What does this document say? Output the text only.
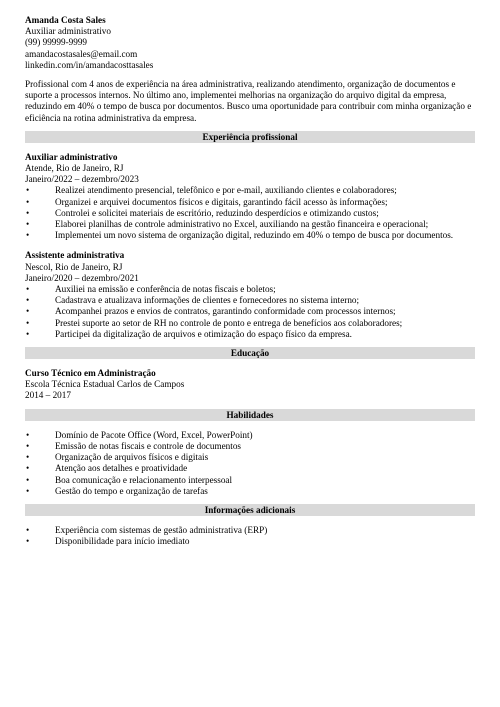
Amanda Costa Sales
Auxiliar administrativo
(99) 99999-9999
amandacostasales@email.com
linkedin.com/in/amandacosttasales
Profissional com 4 anos de experiência na área administrativa, realizando atendimento, organização de documentos e suporte a processos internos. No último ano, implementei melhorias na organização do arquivo digital da empresa, reduzindo em 40% o tempo de busca por documentos. Busco uma oportunidade para contribuir com minha organização e eficiência na rotina administrativa da empresa.
Experiência profissional
Auxiliar administrativo
Atende, Rio de Janeiro, RJ
Janeiro/2022 – dezembro/2023
•	Realizei atendimento presencial, telefônico e por e-mail, auxiliando clientes e colaboradores;
•	Organizei e arquivei documentos físicos e digitais, garantindo fácil acesso às informações;
•	Controlei e solicitei materiais de escritório, reduzindo desperdícios e otimizando custos;
•	Elaborei planilhas de controle administrativo no Excel, auxiliando na gestão financeira e operacional;
•	Implementei um novo sistema de organização digital, reduzindo em 40% o tempo de busca por documentos.
Assistente administrativa
Nescol, Rio de Janeiro, RJ
Janeiro/2020 – dezembro/2021
•	Auxiliei na emissão e conferência de notas fiscais e boletos;
•	Cadastrava e atualizava informações de clientes e fornecedores no sistema interno;
•	Acompanhei prazos e envios de contratos, garantindo conformidade com processos internos;
•	Prestei suporte ao setor de RH no controle de ponto e entrega de benefícios aos colaboradores;
•	Participei da digitalização de arquivos e otimização do espaço físico da empresa.
Educação
Curso Técnico em Administração
Escola Técnica Estadual Carlos de Campos
2014 – 2017
Habilidades
•	Domínio de Pacote Office (Word, Excel, PowerPoint)
•	Emissão de notas fiscais e controle de documentos
•	Organização de arquivos físicos e digitais
•	Atenção aos detalhes e proatividade
•	Boa comunicação e relacionamento interpessoal
•	Gestão do tempo e organização de tarefas
Informações adicionais
•	Experiência com sistemas de gestão administrativa (ERP)
•	Disponibilidade para início imediato
